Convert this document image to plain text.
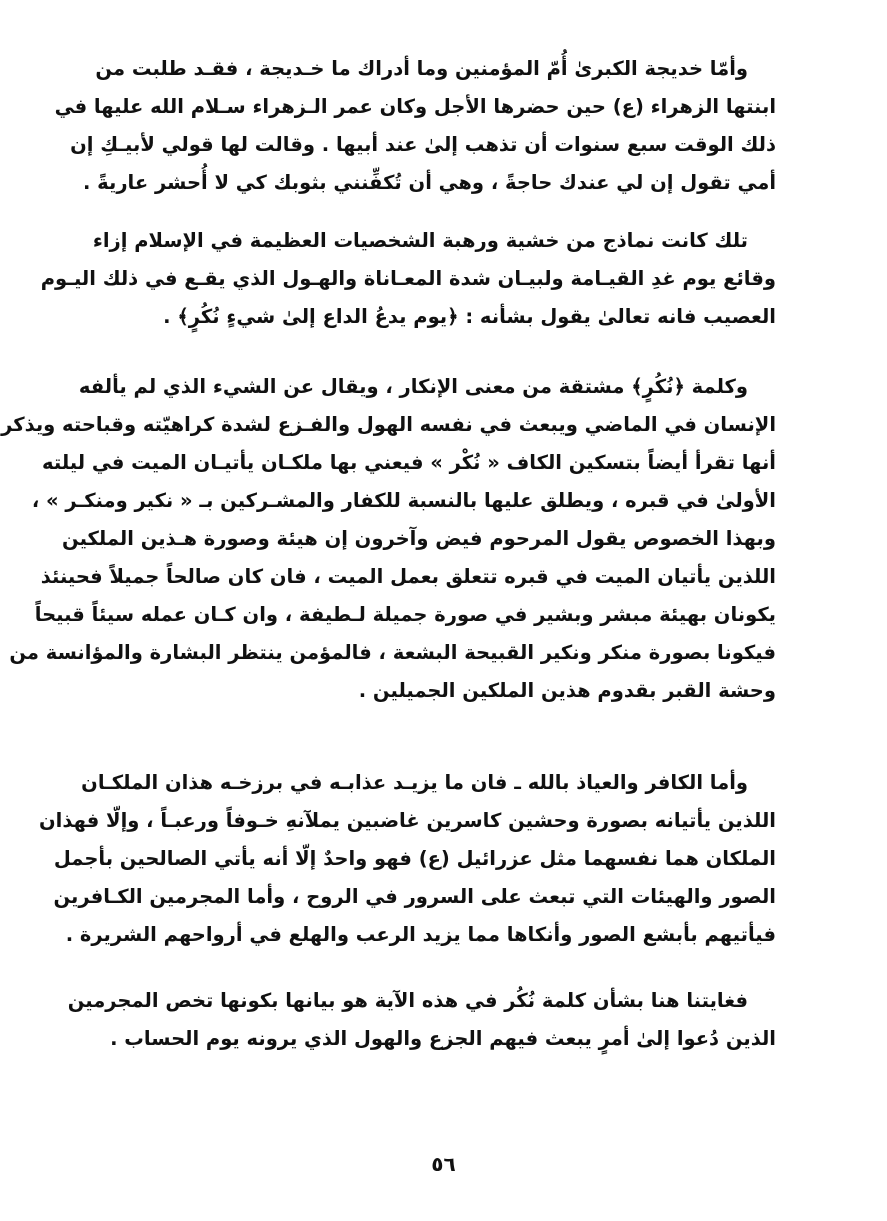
وأمّا خديجة الكبرىٰ أُمّ المؤمنين وما أدراك ما خـديجة ، فقـد طلبت من
ابنتها الزهراء (ع) حين حضرها الأجل وكان عمر الـزهراء سـلام الله عليها في
ذلك الوقت سبع سنوات أن تذهب إلىٰ عند أبيها . وقالت لها قولي لأبيـكِ إن
أمي تقول إن لي عندك حاجةً ، وهي أن تُكفِّنني بثوبك كي لا أُحشر عاريةً .
تلك كانت نماذج من خشية ورهبة الشخصيات العظيمة في الإسلام إزاء
وقائع يوم غدِ القيـامة ولبيـان شدة المعـاناة والهـول الذي يقـع في ذلك اليـوم
العصيب فانه تعالىٰ يقول بشأنه : ﴿يوم يدعُ الداع إلىٰ شيءٍ نُكُرٍ﴾ .
وكلمة ﴿نُكُرٍ﴾ مشتقة من معنى الإنكار ، ويقال عن الشيء الذي لم يألفه
الإنسان في الماضي ويبعث في نفسه الهول والفـزع لشدة كراهيّته وقباحته ويذكر
أنها تقرأ أيضاً بتسكين الكاف « نُكْر » فيعني بها ملكـان يأتيـان الميت في ليلته
الأولىٰ في قبره ، ويطلق عليها بالنسبة للكفار والمشـركين بـ « نكير ومنكـر » ،
وبهذا الخصوص يقول المرحوم فيض وآخرون إن هيئة وصورة هـذين الملكين
اللذين يأتيان الميت في قبره تتعلق بعمل الميت ، فان كان صالحاً جميلاً فحينئذ
يكونان بهيئة مبشر وبشير في صورة جميلة لـطيفة ، وان كـان عمله سيئاً قبيحاً
فيكونا بصورة منكر ونكير القبيحة البشعة ، فالمؤمن ينتظر البشارة والمؤانسة من
وحشة القبر بقدوم هذين الملكين الجميلين .
وأما الكافر والعياذ بالله ـ فان ما يزيـد عذابـه في برزخـه هذان الملكـان
اللذين يأتيانه بصورة وحشين كاسرين غاضبين يملآنهِ خـوفاً ورعبـاً ، وإلّا فهذان
الملكان هما نفسهما مثل عزرائيل (ع) فهو واحدٌ إلّا أنه يأتي الصالحين بأجمل
الصور والهيئات التي تبعث على السرور في الروح ، وأما المجرمين الكـافرين
فيأتيهم بأبشع الصور وأنكاها مما يزيد الرعب والهلع في أرواحهم الشريرة .
فغايتنا هنا بشأن كلمة نُكُر في هذه الآية هو بيانها بكونها تخص المجرمين
الذين دُعوا إلىٰ أمرٍ يبعث فيهم الجزع والهول الذي يرونه يوم الحساب .
٥٦
